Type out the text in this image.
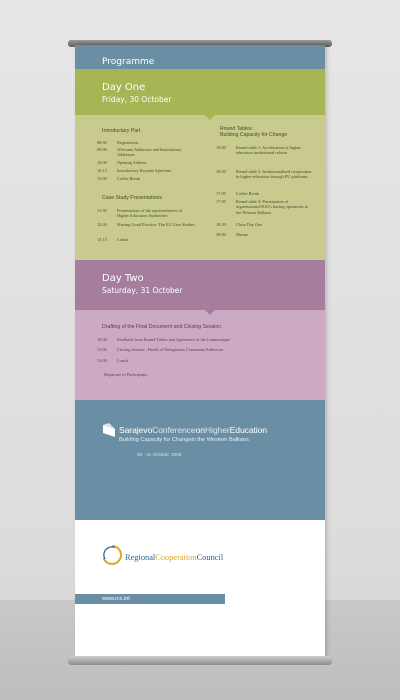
Programme
Day One
Friday, 30 October
Introductary Part
08:30 Registration
09:00 Welcome Addresses and Introductory Addresses
10:00 Opening Address
10:15 Introductory Keynote Speeches
11:00 Coffee Break
Case Study Presentations
11:30 Presentations of the representatives of Higher Education Authorities
12:30 Sharing Good Practice: The EU Case Studies
13:15 Lunch
Round Tables:
Building Capacity for Change
15:00 Round table 1: Acceleration of higher education institutional reform
16:00 Round table 2: Institutionalised cooperation in higher education through EU platforms
17:00 Coffee Break
17:30 Round table 3: Presentation of organisations/NGO's having operations in the Western Balkans
18:20 Close Day One
20:00 Dinner
Day Two
Saturday, 31 October
Drafting of the Final Document and Closing Session
10:00 Feedback from Round Tables and Agreement of the Communiqué
11:00 Closing Session , Heads of Delegations Comments/Addresses
12:00 Lunch
Departure of Participants
SarajevoConferenceonHigherEducation
Building Capacity for Changein the Western Balkans
30 - 31 October, 2009
RegionalCooperationCouncil
www.rcc.int
